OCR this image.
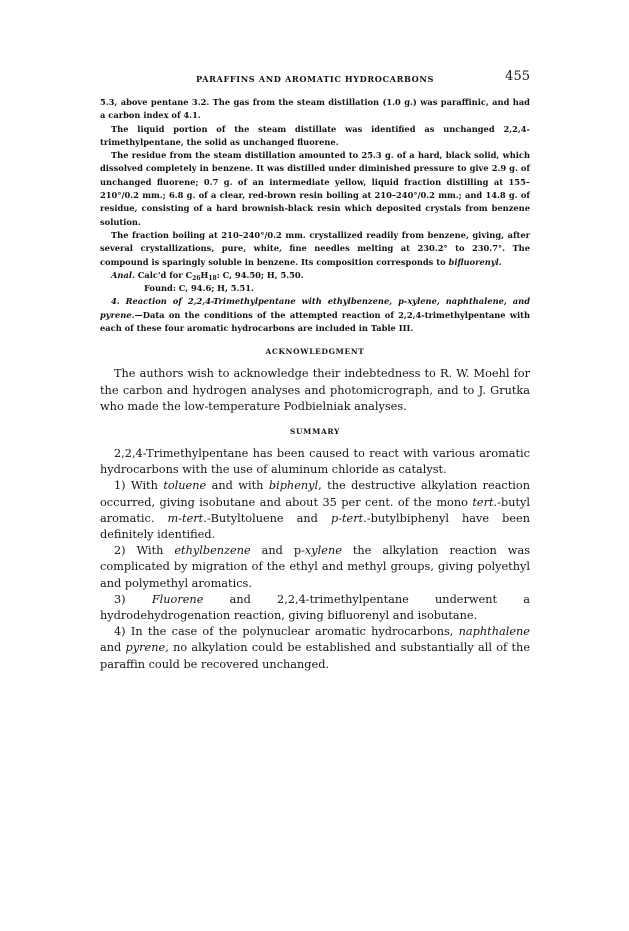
PARAFFINS AND AROMATIC HYDROCARBONS	455

5.3, above pentane 3.2. The gas from the steam distillation (1.0 g.) was paraffinic, and had a carbon index of 4.1.

The liquid portion of the steam distillate was identified as unchanged 2,2,4-trimethylpentane, the solid as unchanged fluorene.

The residue from the steam distillation amounted to 25.3 g. of a hard, black solid, which dissolved completely in benzene. It was distilled under diminished pressure to give 2.9 g. of unchanged fluorene; 0.7 g. of an intermediate yellow, liquid fraction distilling at 155–210°/0.2 mm.; 6.8 g. of a clear, red-brown resin boiling at 210–240°/0.2 mm.; and 14.8 g. of residue, consisting of a hard brownish-black resin which deposited crystals from benzene solution.

The fraction boiling at 210–240°/0.2 mm. crystallized readily from benzene, giving, after several crystallizations, pure, white, fine needles melting at 230.2° to 230.7°. The compound is sparingly soluble in benzene. Its composition corresponds to bifluorenyl.

Anal. Calc'd for $C_{26}H_{18}$: C, 94.50; H, 5.50.

Found: C, 94.6; H, 5.51.

4. Reaction of 2,2,4-Trimethylpentane with ethylbenzene, p-xylene, naphthalene, and pyrene.—Data on the conditions of the attempted reaction of 2,2,4-trimethylpentane with each of these four aromatic hydrocarbons are included in Table III.

ACKNOWLEDGMENT

The authors wish to acknowledge their indebtedness to R. W. Moehl for the carbon and hydrogen analyses and photomicrograph, and to J. Grutka who made the low-temperature Podbielniak analyses.

SUMMARY

2,2,4-Trimethylpentane has been caused to react with various aromatic hydrocarbons with the use of aluminum chloride as catalyst.

1) With toluene and with biphenyl, the destructive alkylation reaction occurred, giving isobutane and about 35 per cent. of the mono tert.-butyl aromatic. m-tert.-Butyltoluene and p-tert.-butylbiphenyl have been definitely identified.

2) With ethylbenzene and p-xylene the alkylation reaction was complicated by migration of the ethyl and methyl groups, giving polyethyl and polymethyl aromatics.

3) Fluorene and 2,2,4-trimethylpentane underwent a hydrodehydrogenation reaction, giving bifluorenyl and isobutane.

4) In the case of the polynuclear aromatic hydrocarbons, naphthalene and pyrene, no alkylation could be established and substantially all of the paraffin could be recovered unchanged.
